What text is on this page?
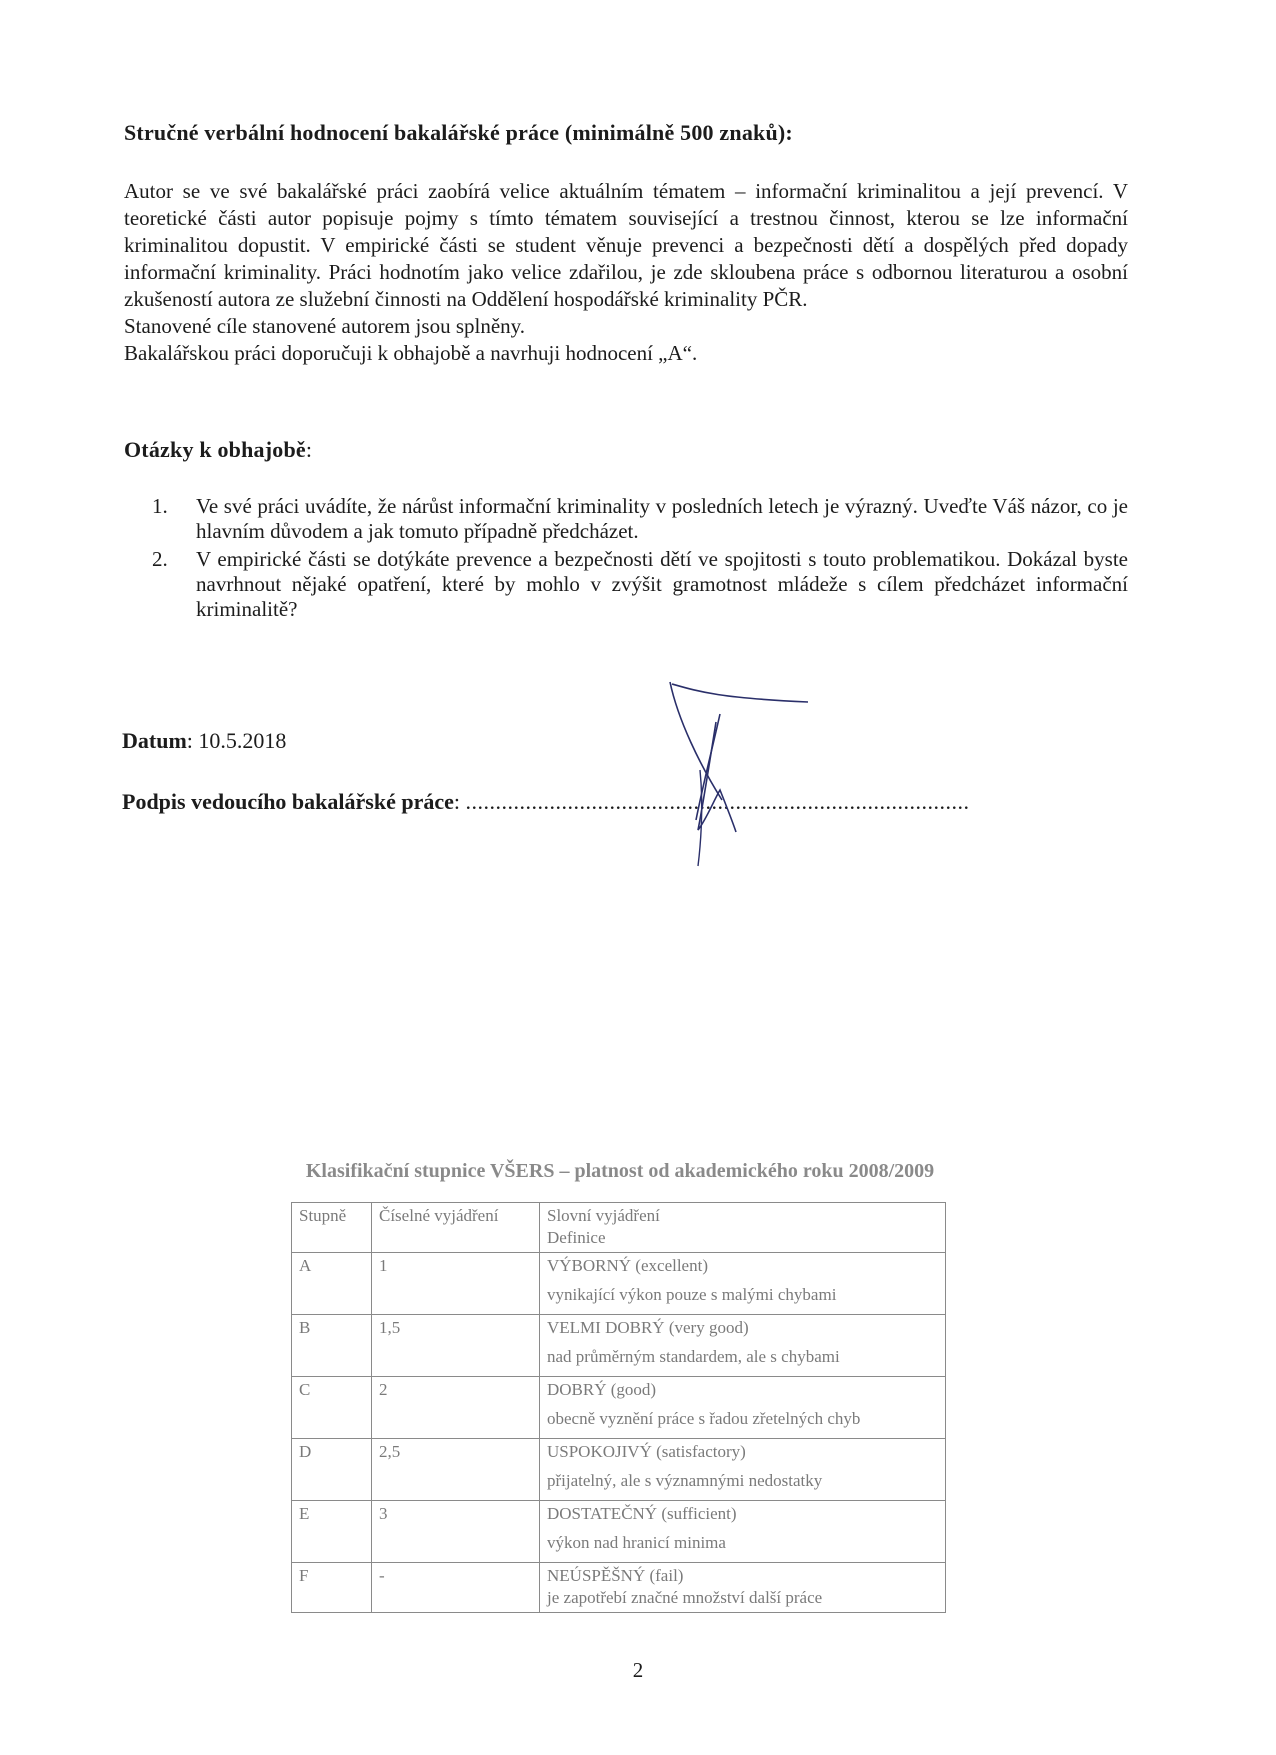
Stručné verbální hodnocení bakalářské práce (minimálně 500 znaků):

Autor se ve své bakalářské práci zaobírá velice aktuálním tématem – informační kriminalitou a její prevencí. V teoretické části autor popisuje pojmy s tímto tématem související a trestnou činnost, kterou se lze informační kriminalitou dopustit. V empirické části se student věnuje prevenci a bezpečnosti dětí a dospělých před dopady informační kriminality. Práci hodnotím jako velice zdařilou, je zde skloubena práce s odbornou literaturou a osobní zkušeností autora ze služební činnosti na Oddělení hospodářské kriminality PČR.

Stanovené cíle stanovené autorem jsou splněny.

Bakalářskou práci doporučuji k obhajobě a navrhuji hodnocení „A“.

Otázky k obhajobě:
1. Ve své práci uvádíte, že nárůst informační kriminality v posledních letech je výrazný. Uveďte Váš názor, co je hlavním důvodem a jak tomuto případně předcházet.
2. V empirické části se dotýkáte prevence a bezpečnosti dětí ve spojitosti s touto problematikou. Dokázal byste navrhnout nějaké opatření, které by mohlo v zvýšit gramotnost mládeže s cílem předcházet informační kriminalitě?
Datum: 10.5.2018
Podpis vedoucího bakalářské práce: ....................................................................................
Klasifikační stupnice VŠERS – platnost od akademického roku 2008/2009
Stupně	Číselné vyjádření	Slovní vyjádření
Definice

A	1	VÝBORNÝ (excellent)
vynikající výkon pouze s malými chybami

B	1,5	VELMI DOBRÝ (very good)
nad průměrným standardem, ale s chybami

C	2	DOBRÝ (good)
obecně vyznění práce s řadou zřetelných chyb

D	2,5	USPOKOJIVÝ (satisfactory)
přijatelný, ale s významnými nedostatky

E	3	DOSTATEČNÝ (sufficient)
výkon nad hranicí minima

F	-	NEÚSPĚŠNÝ (fail)
je zapotřebí značné množství další práce
2
